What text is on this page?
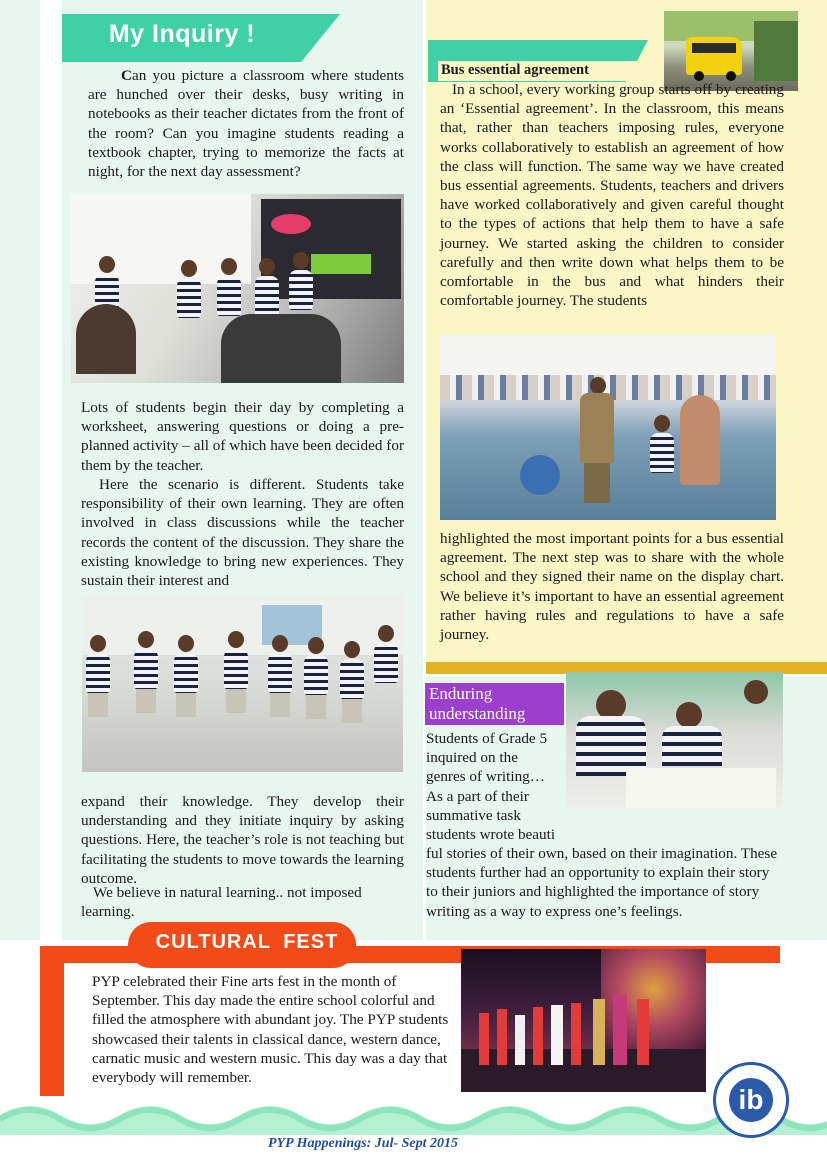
My Inquiry !
Can you picture a classroom where students are hunched over their desks, busy writing in notebooks as their teacher dictates from the front of the room? Can you imagine students reading a textbook chapter, trying to memorize the facts at night, for the next day assessment?
Lots of students begin their day by completing a worksheet, answering questions or doing a pre-planned activity – all of which have been decided for them by the teacher.
Here the scenario is different. Students take responsibility of their own learning. They are often involved in class discussions while the teacher records the content of the discussion. They share the existing knowledge to bring new experiences. They sustain their interest and
expand their knowledge. They develop their understanding and they initiate inquiry by asking questions. Here, the teacher’s role is not teaching but facilitating the students to move towards the learning outcome.
We believe in natural learning.. not imposed learning.
Bus essential agreement
In a school, every working group starts off by creating an ‘Essential agreement’. In the classroom, this means that, rather than teachers imposing rules, everyone works collaboratively to establish an agreement of how the class will function. The same way we have created bus essential agreements. Students, teachers and drivers have worked collaboratively and given careful thought to the types of actions that help them to have a safe journey. We started asking the children to consider carefully and then write down what helps them to be comfortable in the bus and what hinders their comfortable journey. The students
highlighted the most important points for a bus essential agreement. The next step was to share with the whole school and they signed their name on the display chart. We believe it’s important to have an essential agreement rather having rules and regulations to have a safe journey.
Enduring
understanding
Students of Grade 5 inquired on the genres of writing… As a part of their summative task students wrote beauti
ful stories of their own, based on their imagination. These students further had an opportunity to explain their story to their juniors and highlighted the importance of story writing as a way to express one’s feelings.
CULTURAL FEST
PYP celebrated their Fine arts fest in the month of September. This day made the entire school colorful and filled the atmosphere with abundant joy. The PYP students showcased their talents in classical dance, western dance, carnatic music and western music. This day was a day that everybody will remember.
PYP Happenings: Jul- Sept 2015
ib
